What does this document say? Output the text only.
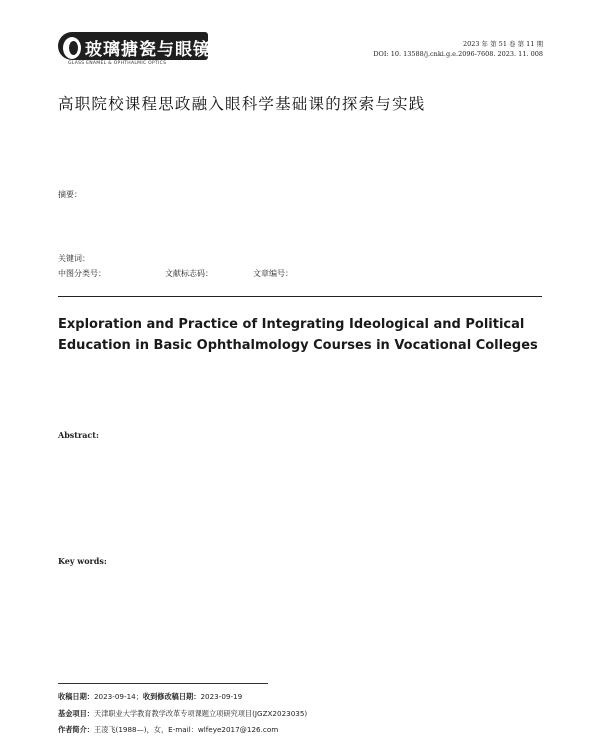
玻璃搪瓷与眼镜
GLASS ENAMEL & OPHTHALMIC OPTICS
2023 年 第 51 卷 第 11 期
DOI: 10. 13588/j.cnki.g.e.2096-7608. 2023. 11. 008
高职院校课程思政融入眼科学基础课的探索与实践
摘要：
关键词：
中图分类号：	文献标志码：	文章编号：
Exploration and Practice of Integrating Ideological and Political
Education in Basic Ophthalmology Courses in Vocational Colleges
Abstract:
Key words:
收稿日期：2023-09-14；收到修改稿日期：2023-09-19
基金项目：天津职业大学教育教学改革专项课题立项研究项目(JGZX2023035)
作者简介：王凌飞(1988—)，女，E-mail：wlfeye2017@126.com
